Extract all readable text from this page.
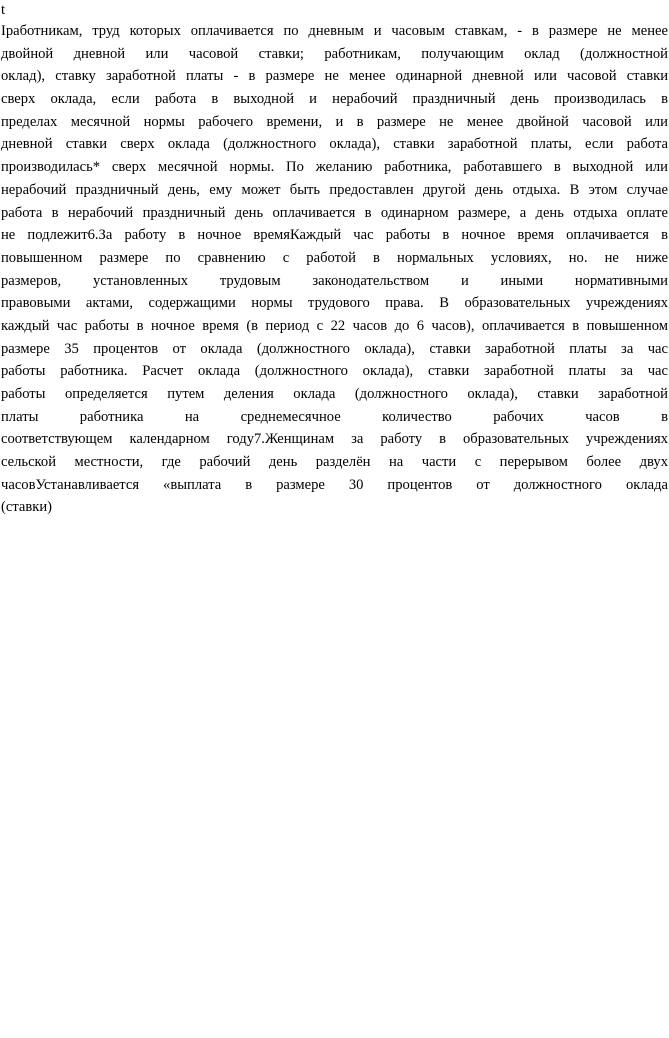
t
Iработникам, труд которых оплачивается по дневным и часовым ставкам, - в размере не менее
двойной дневной или часовой ставки; работникам, получающим оклад (должностной
оклад), ставку заработной платы - в размере не менее одинарной дневной или часовой ставки
сверх оклада, если работа в выходной и нерабочий праздничный день производилась в
пределах месячной нормы рабочего времени, и в размере не менее двойной часовой или
дневной ставки сверх оклада (должностного оклада), ставки заработной платы, если работа
производилась* сверх месячной нормы. По желанию работника, работавшего в выходной или
нерабочий праздничный день, ему может быть предоставлен другой день отдыха. В этом случае
работа в нерабочий праздничный день оплачивается в одинарном размере, а день отдыха оплате
не подлежит6.За работу в ночное времяКаждый час работы в ночное время оплачивается в
повышенном размере по сравнению с работой в нормальных условиях, но. не ниже
размеров, установленных трудовым законодательством и иными нормативными
правовыми актами, содержащими нормы трудового права. В образовательных учреждениях
каждый час работы в ночное время (в период с 22 часов до 6 часов), оплачивается в повышенном
размере 35 процентов от оклада (должностного оклада), ставки заработной платы за час
работы работника. Расчет оклада (должностного оклада), ставки заработной платы за час
работы определяется путем деления оклада (должностного оклада), ставки заработной
платы работника на среднемесячное количество рабочих часов в
соответствующем календарном году7.Женщинам за работу в образовательных учреждениях
сельской местности, где рабочий день разделён на части с перерывом более двух
часовУстанавливается «выплата в размере 30 процентов от должностного оклада
(ставки)
